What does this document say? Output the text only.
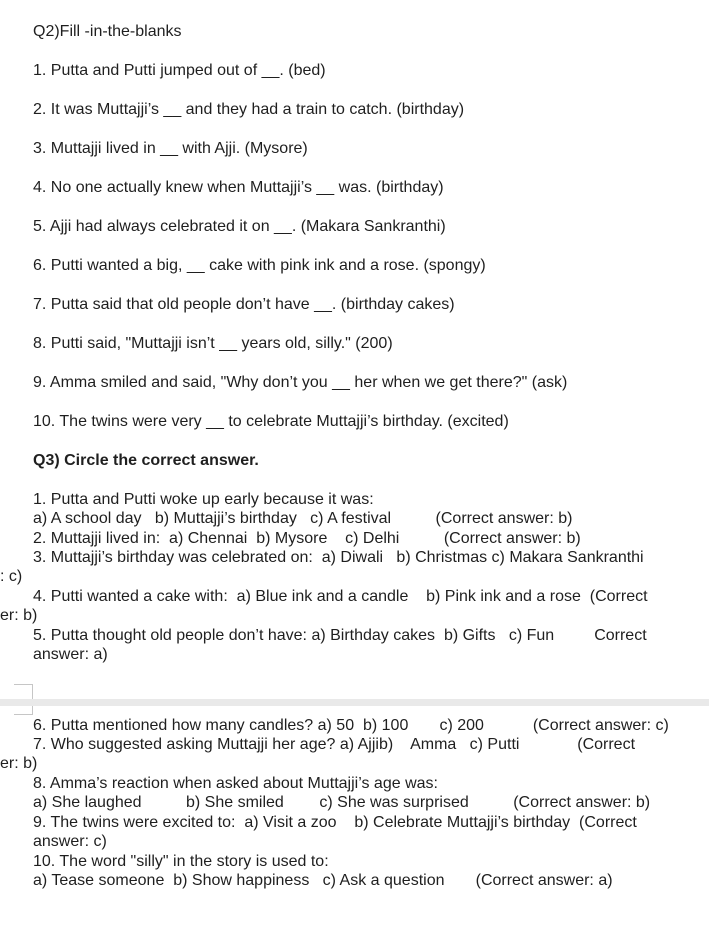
Q2)Fill -in-the-blanks
1. Putta and Putti jumped out of __. (bed)
2. It was Muttajji’s __ and they had a train to catch. (birthday)
3. Muttajji lived in __ with Ajji. (Mysore)
4. No one actually knew when Muttajji’s __ was. (birthday)
5. Ajji had always celebrated it on __. (Makara Sankranthi)
6. Putti wanted a big, __ cake with pink ink and a rose. (spongy)
7. Putta said that old people don’t have __. (birthday cakes)
8. Putti said, "Muttajji isn’t __ years old, silly." (200)
9. Amma smiled and said, "Why don’t you __ her when we get there?" (ask)
10. The twins were very __ to celebrate Muttajji’s birthday. (excited)
Q3) Circle the correct answer.
1. Putta and Putti woke up early because it was:
a) A school day   b) Muttajji’s birthday   c) A festival          (Correct answer: b)
2. Muttajji lived in:  a) Chennai  b) Mysore    c) Delhi          (Correct answer: b)
3. Muttajji’s birthday was celebrated on:  a) Diwali   b) Christmas c) Makara Sankranthi
: c)
4. Putti wanted a cake with:  a) Blue ink and a candle    b) Pink ink and a rose  (Correct
er: b)
5. Putta thought old people don’t have: a) Birthday cakes  b) Gifts   c) Fun         Correct
answer: a)
6. Putta mentioned how many candles? a) 50  b) 100       c) 200           (Correct answer: c)
7. Who suggested asking Muttajji her age? a) Ajjib)    Amma   c) Putti             (Correct
er: b)
8. Amma’s reaction when asked about Muttajji’s age was:
a) She laughed          b) She smiled        c) She was surprised          (Correct answer: b)
9. The twins were excited to:  a) Visit a zoo    b) Celebrate Muttajji’s birthday  (Correct
answer: c)
10. The word "silly" in the story is used to:
a) Tease someone  b) Show happiness   c) Ask a question       (Correct answer: a)
